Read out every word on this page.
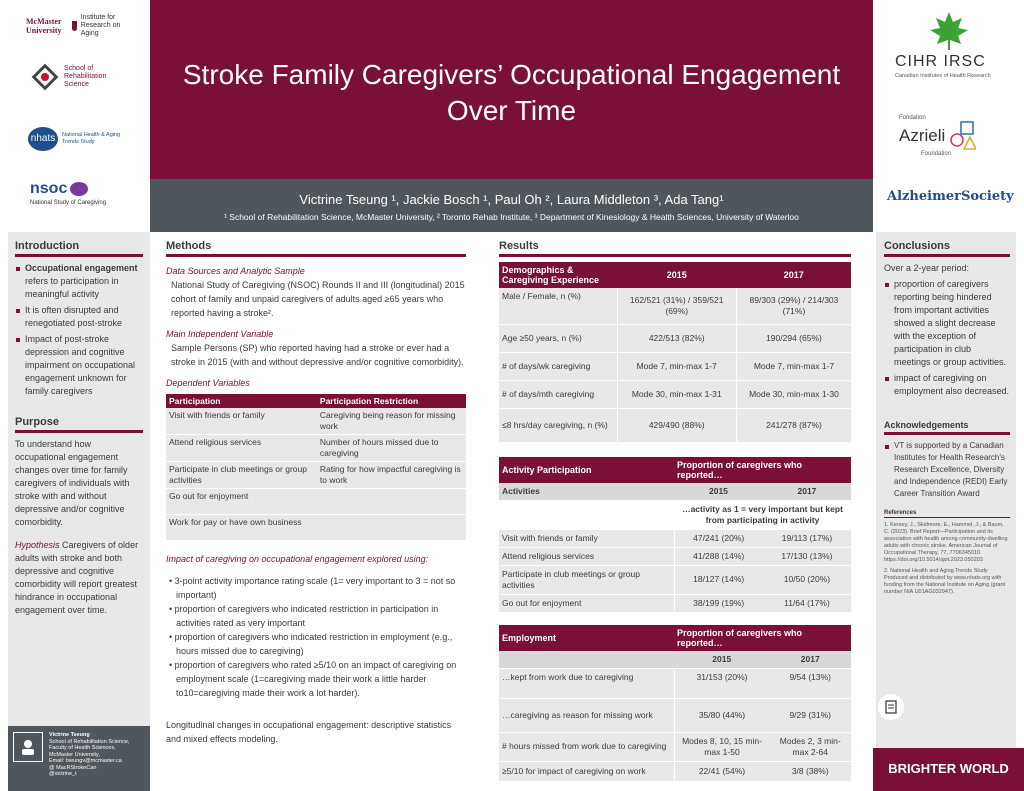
McMaster University
Institute for Research on Aging
School of Rehabilitation Science
nhats	National Health & Aging Trends Study
nsoc
National Study of Caregiving
Stroke Family Caregivers’ Occupational Engagement Over Time
Victrine Tseung ¹, Jackie Bosch ¹, Paul Oh ², Laura Middleton ³, Ada Tang¹
¹ School of Rehabilitation Science, McMaster University, ² Toronto Rehab Institute, ³ Department of Kinesiology & Health Sciences, University of Waterloo
CIHR IRSC
Canadian Institutes of Health Research
Fondation
Azrieli
Foundation
AlzheimerSociety
Introduction
Occupational engagement refers to participation in meaningful activity
It is often disrupted and renegotiated post-stroke
Impact of post-stroke depression and cognitive impairment on occupational engagement unknown for family caregivers
Purpose
To understand how occupational engagement changes over time for family caregivers of individuals with stroke with and without depressive and/or cognitive comorbidity.
Hypothesis Caregivers of older adults with stroke and both depressive and cognitive comorbidity will report greatest hindrance in occupational engagement over time.
Victrine Tseung
School of Rehabilitation Science,
Faculty of Health Sciences,
McMaster University,
Email: tseungv@mcmaster.ca
@ MacRStrokeCan
@victrine_t
Methods
Data Sources and Analytic Sample
National Study of Caregiving (NSOC) Rounds II and III (longitudinal) 2015 cohort of family and unpaid caregivers of adults aged ≥65 years who reported having a stroke².
Main Independent Variable
Sample Persons (SP) who reported having had a stroke or ever had a stroke in 2015 (with and without depressive and/or cognitive comorbidity).
Dependent Variables
Participation	Participation Restriction
Visit with friends or family	Caregiving being reason for missing work
Attend religious services	Number of hours missed due to caregiving
Participate in club meetings or group activities	Rating for how impactful caregiving is to work
Go out for enjoyment	
Work for pay or have own business	
Impact of caregiving on occupational engagement explored using:
• 3-point activity importance rating scale (1= very important to 3 = not so important)
• proportion of caregivers who indicated restriction in participation in activities rated as very important
• proportion of caregivers who indicated restriction in employment (e.g., hours missed due to caregiving)
• proportion of caregivers who rated ≥5/10 on an impact of caregiving on employment scale (1=caregiving made their work a little harder to10=caregiving made their work a lot harder).
Longitudinal changes in occupational engagement: descriptive statistics and mixed effects modeling.
Results
Demographics & Caregiving Experience	2015	2017
Male / Female, n (%)	162/521 (31%) / 359/521 (69%)	89/303 (29%) / 214/303 (71%)
Age ≥50 years, n (%)	422/513 (82%)	190/294 (65%)
# of days/wk caregiving	Mode 7, min-max 1-7	Mode 7, min-max 1-7
# of days/mth caregiving	Mode 30, min-max 1-31	Mode 30, min-max 1-30
≤8 hrs/day caregiving, n (%)	429/490 (88%)	241/278 (87%)
Activity Participation	Proportion of caregivers who reported…	
Activities	2015	2017
	…activity as 1 = very important but kept from participating in activity	
Visit with friends or family	47/241 (20%)	19/113 (17%)
Attend religious services	41/288 (14%)	17/130 (13%)
Participate in club meetings or group activities	18/127 (14%)	10/50 (20%)
Go out for enjoyment	38/199 (19%)	11/64 (17%)
Employment	Proportion of caregivers who reported…	
	2015	2017
…kept from work due to caregiving	31/153 (20%)	9/54 (13%)
…caregiving as reason for missing work	35/80 (44%)	9/29 (31%)
# hours missed from work due to caregiving	Modes 8, 10, 15 min-max 1-50	Modes 2, 3 min-max 2-64
≥5/10 for impact of caregiving on work	22/41 (54%)	3/8 (38%)
Conclusions
Over a 2-year period:
proportion of caregivers reporting being hindered from important activities showed a slight decrease with the exception of participation in club meetings or group activities.
impact of caregiving on employment also decreased.
Acknowledgements
VT is supported by a Canadian Institutes for Health Research's Research Excellence, Diversity and Independence (REDI) Early Career Transition Award
References
1. Kersey, J., Skidmore, E., Hammel, J., & Baum, C. (2023). Brief Report—Participation and its association with health among community-dwelling adults with chronic stroke. American Journal of Occupational Therapy, 77, 7706345010. https://doi.org/10.5014/ajot.2023.050203
2. National Health and Aging Trends Study Produced and distributed by www.nhats.org with funding from the National Institute on Aging (grant number NIA U01AG032947).
BRIGHTER WORLD
